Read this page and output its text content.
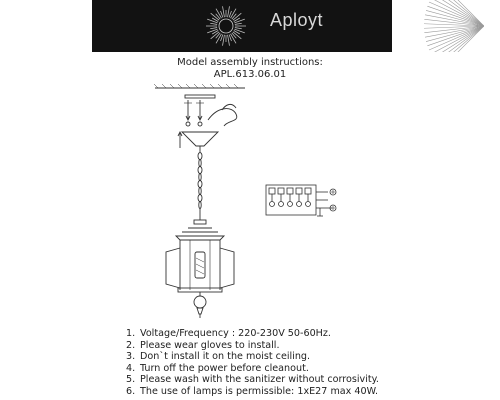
Aployt
Model assembly instructions:
APL.613.06.01
1. Voltage/Frequency : 220-230V 50-60Hz.
2. Please wear gloves to install.
3. Don`t install it on the moist ceiling.
4. Turn off the power before cleanout.
5. Please wash with the sanitizer without corrosivity.
6. The use of lamps is permissible: 1xE27 max 40W.
